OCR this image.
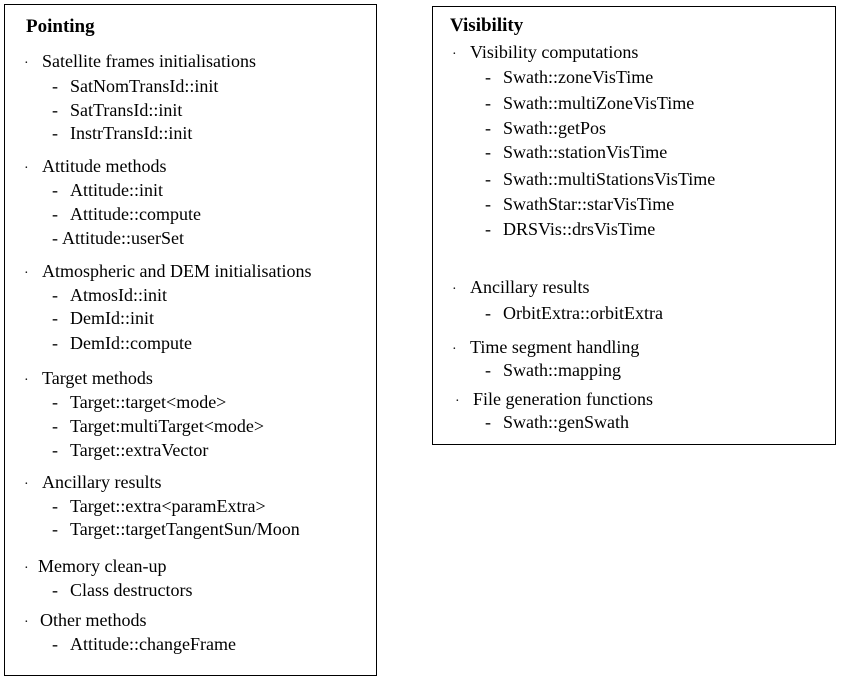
Pointing
· Satellite frames initialisations
- SatNomTransId::init
- SatTransId::init
- InstrTransId::init
· Attitude methods
- Attitude::init
- Attitude::compute
- Attitude::userSet
· Atmospheric and DEM initialisations
- AtmosId::init
- DemId::init
- DemId::compute
· Target methods
- Target::target<mode>
- Target:multiTarget<mode>
- Target::extraVector
· Ancillary results
- Target::extra<paramExtra>
- Target::targetTangentSun/Moon
· Memory clean-up
- Class destructors
· Other methods
- Attitude::changeFrame
Visibility
· Visibility computations
- Swath::zoneVisTime
- Swath::multiZoneVisTime
- Swath::getPos
- Swath::stationVisTime
- Swath::multiStationsVisTime
- SwathStar::starVisTime
- DRSVis::drsVisTime
· Ancillary results
- OrbitExtra::orbitExtra
· Time segment handling
- Swath::mapping
· File generation functions
- Swath::genSwath
